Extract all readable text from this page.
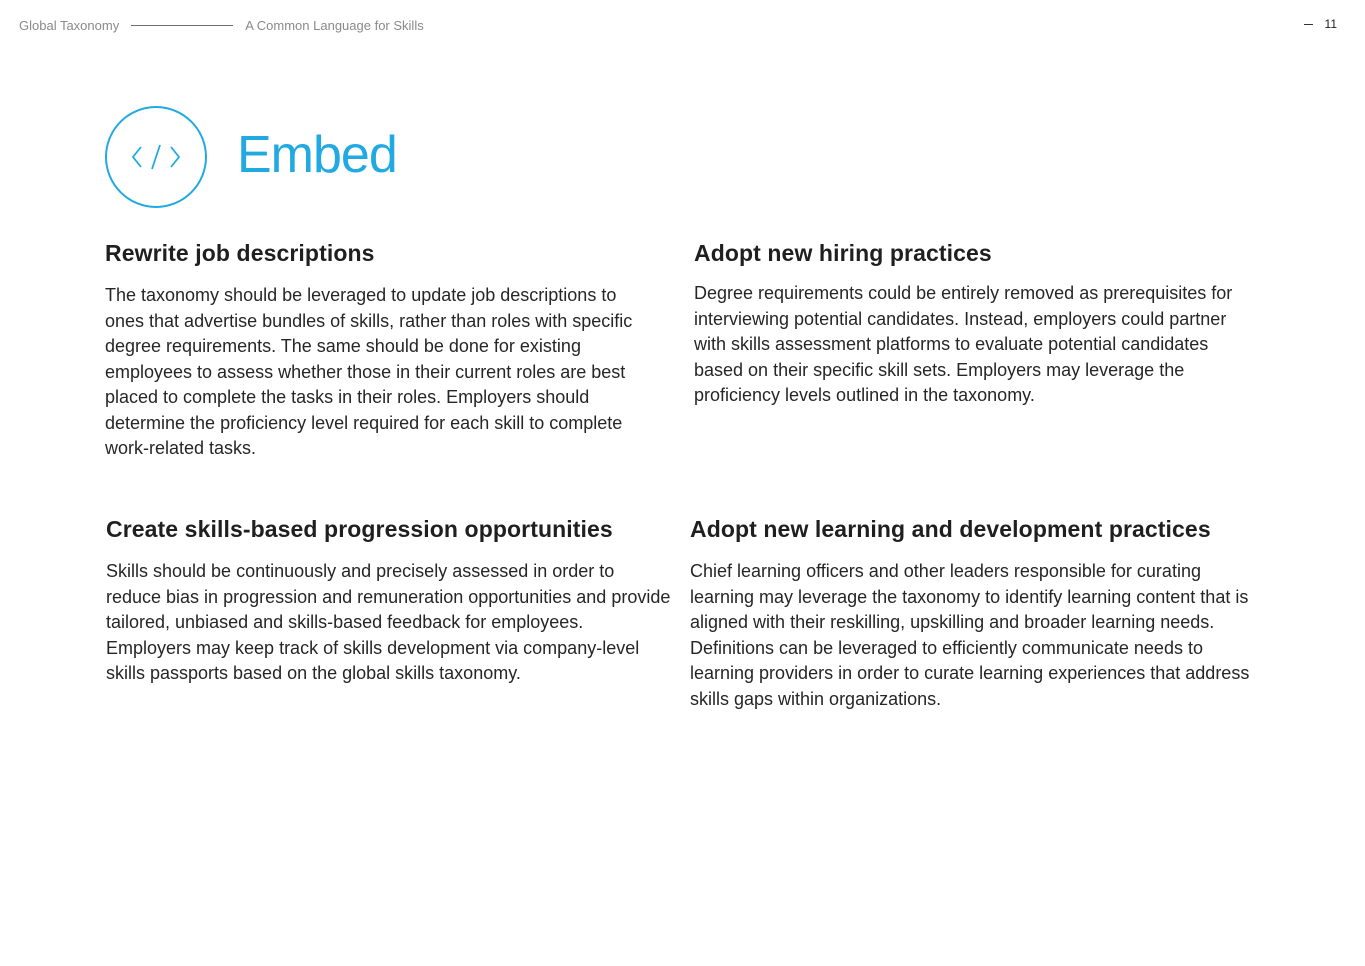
Global Taxonomy	A Common Language for Skills	11
Embed
Rewrite job descriptions

The taxonomy should be leveraged to update job descriptions to ones that advertise bundles of skills, rather than roles with specific degree requirements. The same should be done for existing employees to assess whether those in their current roles are best placed to complete the tasks in their roles. Employers should determine the proficiency level required for each skill to complete work-related tasks.

Adopt new hiring practices

Degree requirements could be entirely removed as prerequisites for interviewing potential candidates. Instead, employers could partner with skills assessment platforms to evaluate potential candidates based on their specific skill sets. Employers may leverage the proficiency levels outlined in the taxonomy.

Create skills-based progression opportunities

Skills should be continuously and precisely assessed in order to reduce bias in progression and remuneration opportunities and provide tailored, unbiased and skills-based feedback for employees. Employers may keep track of skills development via company-level skills passports based on the global skills taxonomy.

Adopt new learning and development practices

Chief learning officers and other leaders responsible for curating learning may leverage the taxonomy to identify learning content that is aligned with their reskilling, upskilling and broader learning needs. Definitions can be leveraged to efficiently communicate needs to learning providers in order to curate learning experiences that address skills gaps within organizations.
